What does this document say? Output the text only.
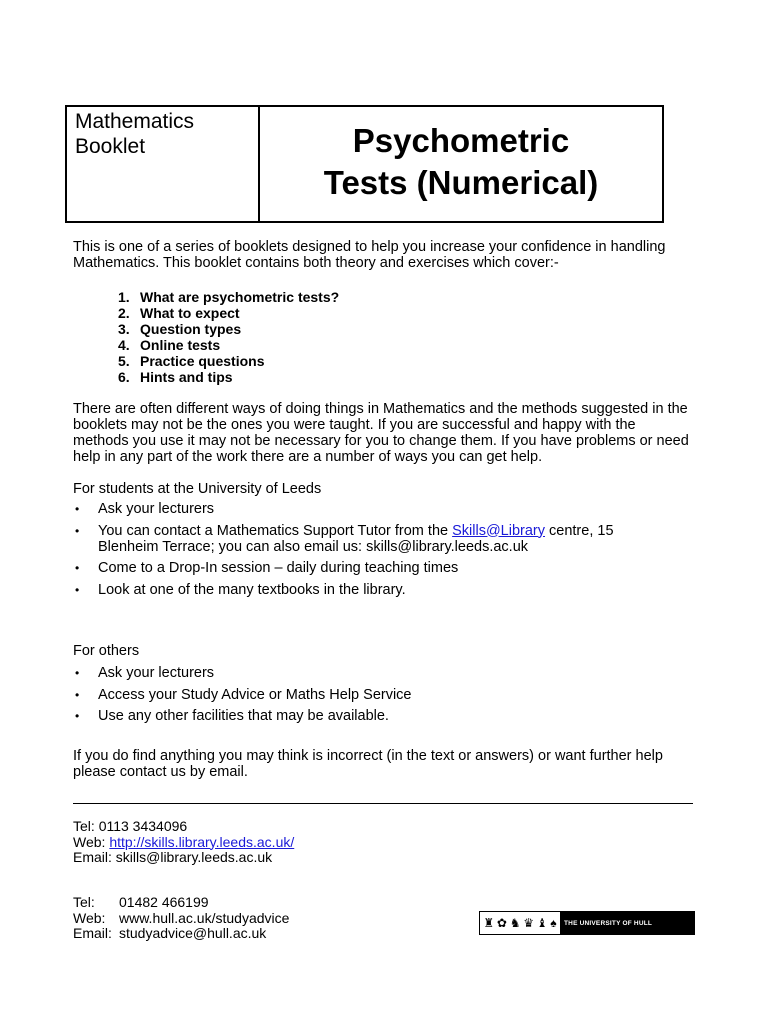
Mathematics
Booklet	Psychometric
Tests (Numerical)
This is one of a series of booklets designed to help you increase your confidence in handling Mathematics. This booklet contains both theory and exercises which cover:-
1. What are psychometric tests?
2. What to expect
3. Question types
4. Online tests
5. Practice questions
6. Hints and tips
There are often different ways of doing things in Mathematics and the methods suggested in the booklets may not be the ones you were taught. If you are successful and happy with the methods you use it may not be necessary for you to change them. If you have problems or need help in any part of the work there are a number of ways you can get help.
For students at the University of Leeds
•	Ask your lecturers
•	You can contact a Mathematics Support Tutor from the Skills@Library centre, 15 Blenheim Terrace; you can also email us: skills@library.leeds.ac.uk
•	Come to a Drop-In session – daily during teaching times
•	Look at one of the many textbooks in the library.
For others
•	Ask your lecturers
•	Access your Study Advice or Maths Help Service
•	Use any other facilities that may be available.
If you do find anything you may think is incorrect (in the text or answers) or want further help please contact us by email.
Tel:
0113 3434096
Web:
http://skills.library.leeds.ac.uk/
Email:
skills@library.leeds.ac.uk
Tel:	01482 466199
Web: www.hull.ac.uk/studyadvice
Email: studyadvice@hull.ac.uk
♜ ✿ ♞ ♛ ♝ ♠	THE UNIVERSITY OF HULL
